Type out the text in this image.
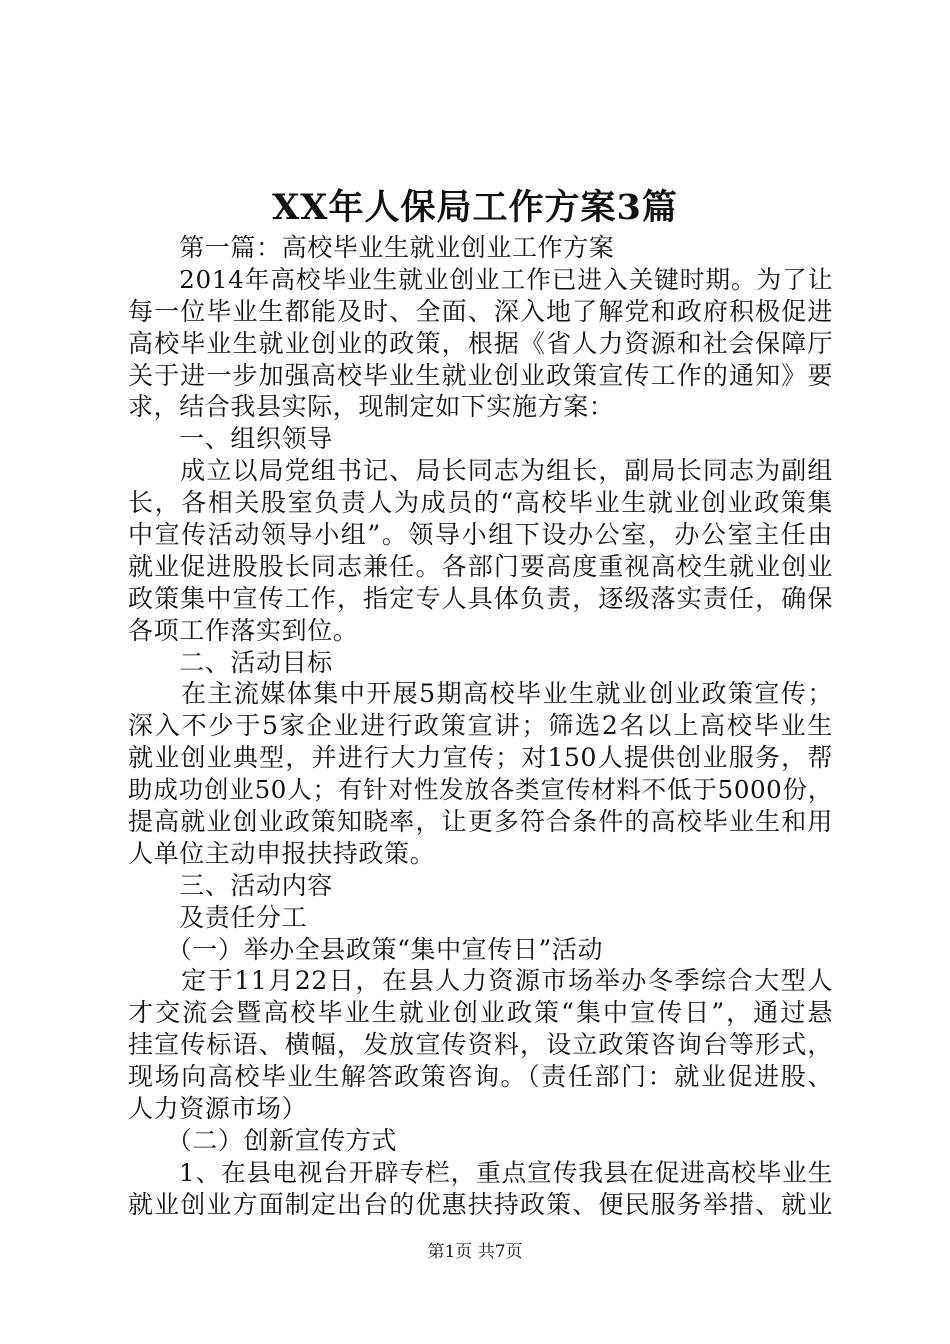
XX年人保局工作方案3篇
　　第一篇：高校毕业生就业创业工作方案
　　2014年高校毕业生就业创业工作已进入关键时期。为了让
每一位毕业生都能及时、全面、深入地了解党和政府积极促进
高校毕业生就业创业的政策，根据《省人力资源和社会保障厅
关于进一步加强高校毕业生就业创业政策宣传工作的通知》要
求，结合我县实际，现制定如下实施方案：
　　一、组织领导
　　成立以局党组书记、局长同志为组长，副局长同志为副组
长，各相关股室负责人为成员的“高校毕业生就业创业政策集
中宣传活动领导小组”。领导小组下设办公室，办公室主任由
就业促进股股长同志兼任。各部门要高度重视高校生就业创业
政策集中宣传工作，指定专人具体负责，逐级落实责任，确保
各项工作落实到位。
　　二、活动目标
　　在主流媒体集中开展5期高校毕业生就业创业政策宣传；
深入不少于5家企业进行政策宣讲；筛选2名以上高校毕业生
就业创业典型，并进行大力宣传；对150人提供创业服务，帮
助成功创业50人；有针对性发放各类宣传材料不低于5000份，
提高就业创业政策知晓率，让更多符合条件的高校毕业生和用
人单位主动申报扶持政策。
　　三、活动内容
　　及责任分工
　　（一）举办全县政策“集中宣传日”活动
　　定于11月22日，在县人力资源市场举办冬季综合大型人
才交流会暨高校毕业生就业创业政策“集中宣传日”，通过悬
挂宣传标语、横幅，发放宣传资料，设立政策咨询台等形式，
现场向高校毕业生解答政策咨询。（责任部门：就业促进股、
人力资源市场）
　　（二）创新宣传方式
　　1、在县电视台开辟专栏，重点宣传我县在促进高校毕业生
就业创业方面制定出台的优惠扶持政策、便民服务举措、就业
第1页 共7页
